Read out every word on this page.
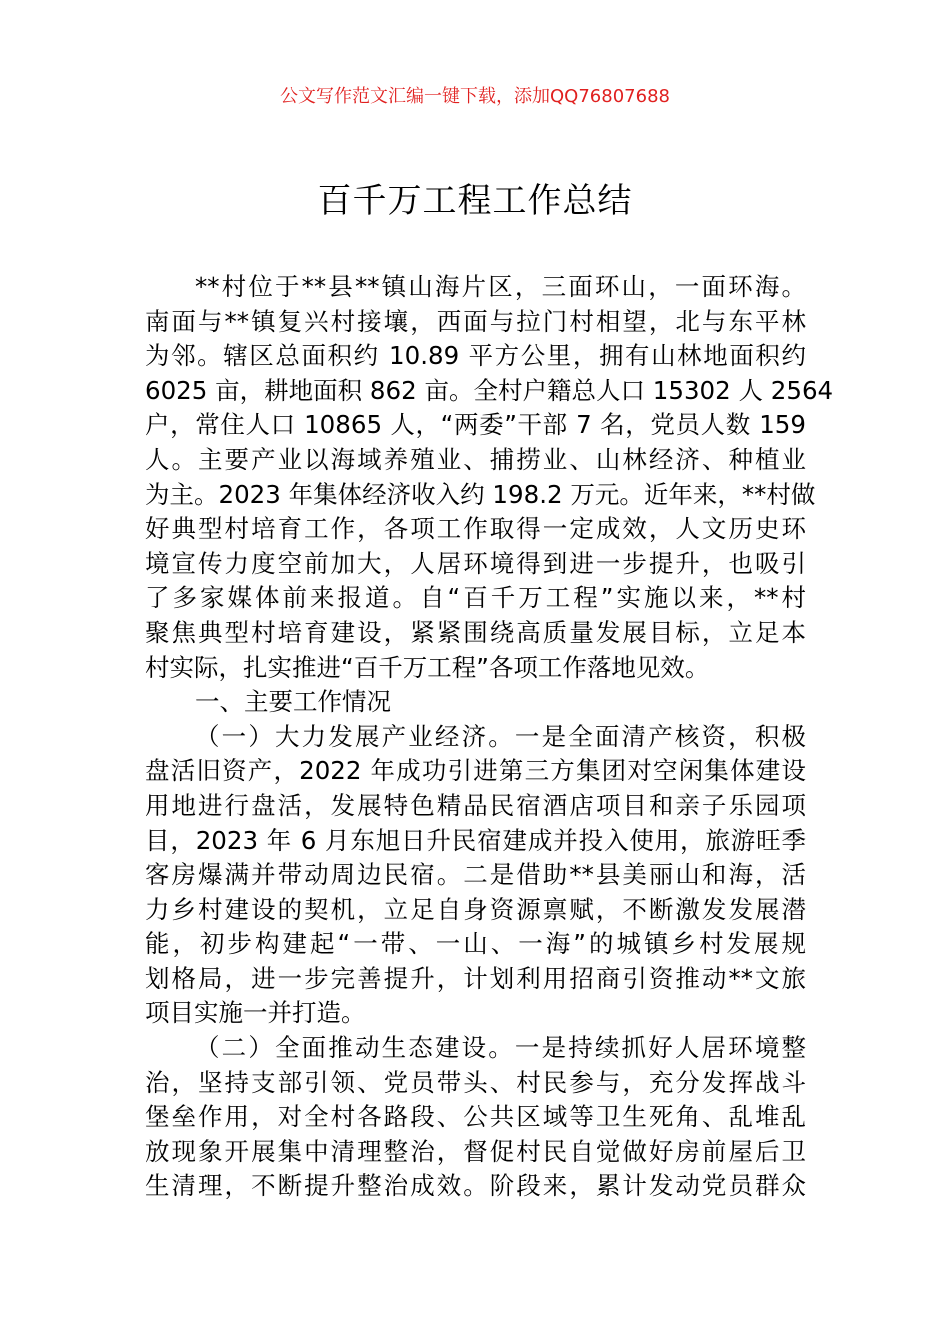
公文写作范文汇编一键下载，添加QQ76807688
百千万工程工作总结
**村位于**县**镇山海片区，三面环山，一面环海。
南面与**镇复兴村接壤，西面与拉门村相望，北与东平林
为邻。辖区总面积约 10.89 平方公里，拥有山林地面积约
6025 亩，耕地面积 862 亩。全村户籍总人口 15302 人 2564
户，常住人口 10865 人，“两委”干部 7 名，党员人数 159
人。主要产业以海域养殖业、捕捞业、山林经济、种植业
为主。2023 年集体经济收入约 198.2 万元。近年来，**村做
好典型村培育工作，各项工作取得一定成效，人文历史环
境宣传力度空前加大，人居环境得到进一步提升，也吸引
了多家媒体前来报道。自“百千万工程”实施以来，**村
聚焦典型村培育建设，紧紧围绕高质量发展目标，立足本
村实际，扎实推进“百千万工程”各项工作落地见效。
一、主要工作情况
（一）大力发展产业经济。一是全面清产核资，积极
盘活旧资产，2022 年成功引进第三方集团对空闲集体建设
用地进行盘活，发展特色精品民宿酒店项目和亲子乐园项
目，2023 年 6 月东旭日升民宿建成并投入使用，旅游旺季
客房爆满并带动周边民宿。二是借助**县美丽山和海，活
力乡村建设的契机，立足自身资源禀赋，不断激发发展潜
能，初步构建起“一带、一山、一海”的城镇乡村发展规
划格局，进一步完善提升，计划利用招商引资推动**文旅
项目实施一并打造。
（二）全面推动生态建设。一是持续抓好人居环境整
治，坚持支部引领、党员带头、村民参与，充分发挥战斗
堡垒作用，对全村各路段、公共区域等卫生死角、乱堆乱
放现象开展集中清理整治，督促村民自觉做好房前屋后卫
生清理，不断提升整治成效。阶段来，累计发动党员群众
